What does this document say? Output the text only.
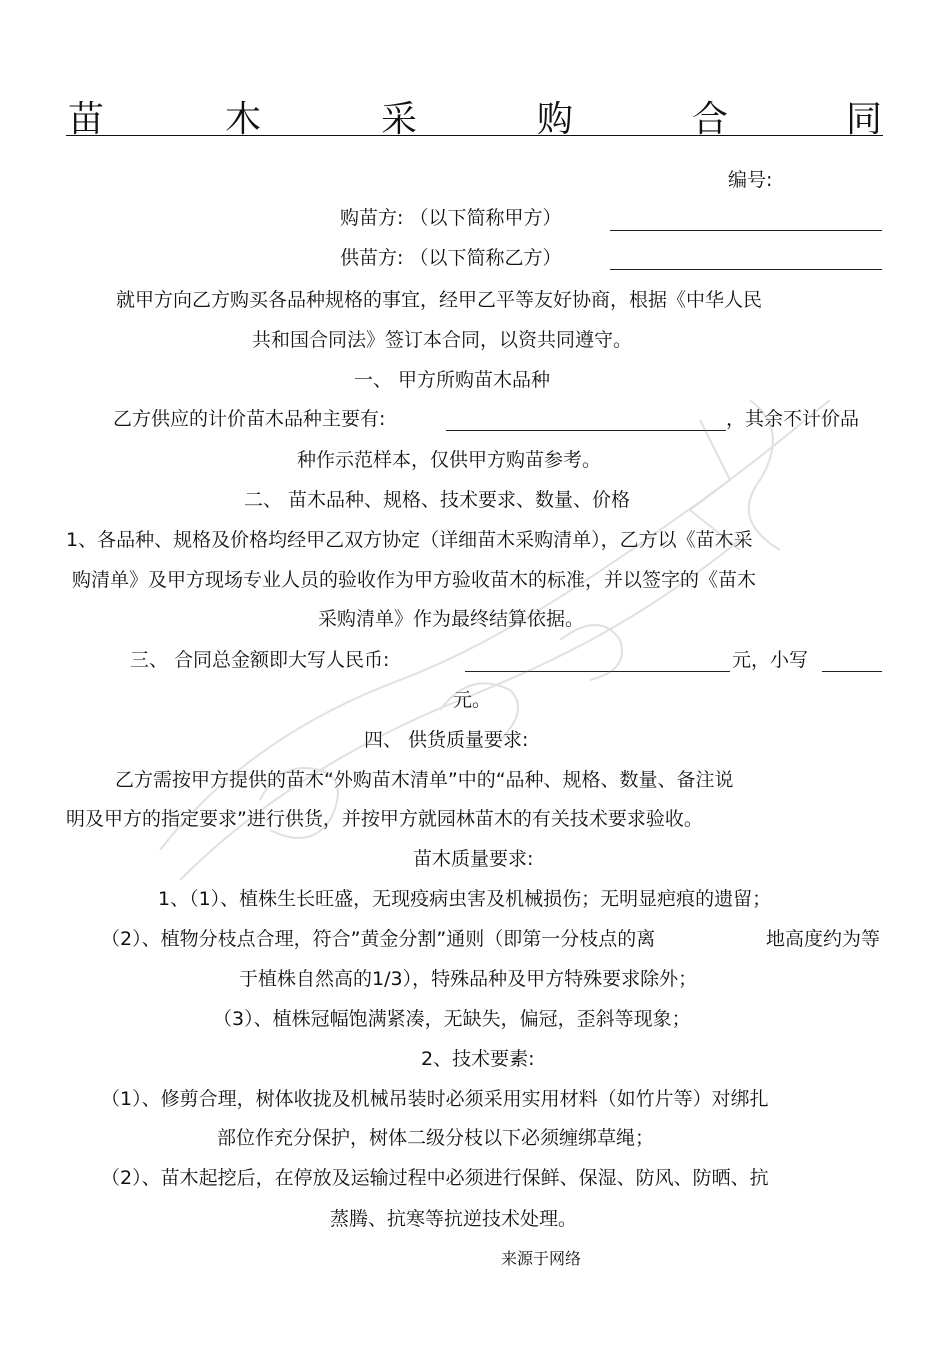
苗	木	采	购	合	同
编号:
购苗方: （以下简称甲方）
供苗方: （以下简称乙方）
就甲方向乙方购买各品种规格的事宜，经甲乙平等友好协商，根据《中华人民
共和国合同法》签订本合同，以资共同遵守。
一、 甲方所购苗木品种
乙方供应的计价苗木品种主要有:	，其余不计价品
种作示范样本，仅供甲方购苗参考。
二、 苗木品种、规格、技术要求、数量、价格
1、各品种、规格及价格均经甲乙双方协定（详细苗木采购清单），乙方以《苗木采
购清单》及甲方现场专业人员的验收作为甲方验收苗木的标准，并以签字的《苗木
采购清单》作为最终结算依据。
三、 合同总金额即大写人民币:	元，小写
元。
四、 供货质量要求:
乙方需按甲方提供的苗木“外购苗木清单”中的“品种、规格、数量、备注说
明及甲方的指定要求”进行供货，并按甲方就园林苗木的有关技术要求验收。
苗木质量要求:
1、（1）、植株生长旺盛，无现疫病虫害及机械损伤；无明显疤痕的遗留；
（2）、植物分枝点合理，符合”黄金分割”通则（即第一分枝点的离	地高度约为等
于植株自然高的1/3），特殊品种及甲方特殊要求除外；
（3）、植株冠幅饱满紧凑，无缺失，偏冠，歪斜等现象；
2、技术要素:
（1）、修剪合理，树体收拢及机械吊装时必须采用实用材料（如竹片等）对绑扎
部位作充分保护，树体二级分枝以下必须缠绑草绳；
（2）、苗木起挖后，在停放及运输过程中必须进行保鲜、保湿、防风、防晒、抗
蒸腾、抗寒等抗逆技术处理。
来源于网络
